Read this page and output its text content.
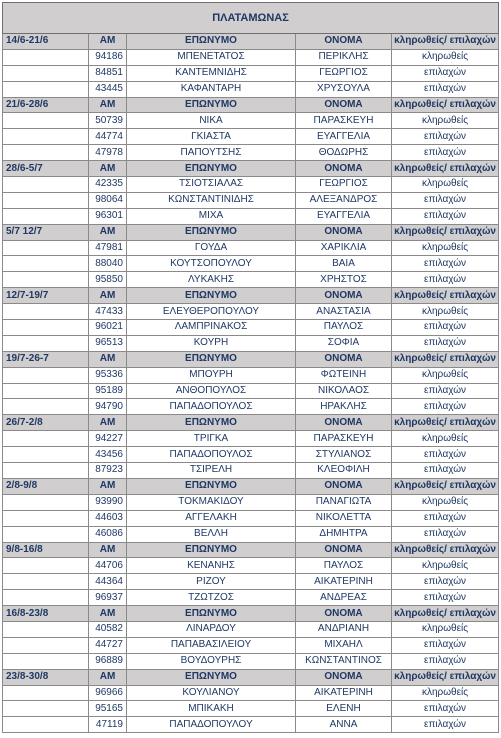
ΠΛΑΤΑΜΩΝΑΣ				
14/6-21/6	AM	ΕΠΩΝΥΜΟ	ΟΝΟΜΑ	κληρωθείς/ επιλαχών
	94186	ΜΠΕΝΕΤΑΤΟΣ	ΠΕΡΙΚΛΗΣ	κληρωθείς
	84851	ΚΑΝΤΕΜΝΙΔΗΣ	ΓΕΩΡΓΙΟΣ	επιλαχών
	43445	ΚΑΦΑΝΤΑΡΗ	ΧΡΥΣΟΥΛΑ	επιλαχών
21/6-28/6	AM	ΕΠΩΝΥΜΟ	ΟΝΟΜΑ	κληρωθείς/ επιλαχών
	50739	ΝΙΚΑ	ΠΑΡΑΣΚΕΥΗ	κληρωθείς
	44774	ΓΚΙΑΣΤΑ	ΕΥΑΓΓΕΛΙΑ	επιλαχών
	47978	ΠΑΠΟΥΤΣΗΣ	ΘΟΔΩΡΗΣ	επιλαχών
28/6-5/7	AM	ΕΠΩΝΥΜΟ	ΟΝΟΜΑ	κληρωθείς/ επιλαχών
	42335	ΤΣΙΟΤΣΙΑΛΑΣ	ΓΕΩΡΓΙΟΣ	κληρωθείς
	98064	ΚΩΝΣΤΑΝΤΙΝΙΔΗΣ	ΑΛΕΞΑΝΔΡΟΣ	επιλαχών
	96301	ΜΙΧΑ	ΕΥΑΓΓΕΛΙΑ	επιλαχών
5/7 12/7	AM	ΕΠΩΝΥΜΟ	ΟΝΟΜΑ	κληρωθείς/ επιλαχών
	47981	ΓΟΥΔΑ	ΧΑΡΙΚΛΙΑ	κληρωθείς
	88040	ΚΟΥΤΣΟΠΟΥΛΟΥ	ΒΑΙΑ	επιλαχών
	95850	ΛΥΚΑΚΗΣ	ΧΡΗΣΤΟΣ	επιλαχών
12/7-19/7	AM	ΕΠΩΝΥΜΟ	ΟΝΟΜΑ	κληρωθείς/ επιλαχών
	47433	ΕΛΕΥΘΕΡΟΠΟΥΛΟΥ	ΑΝΑΣΤΑΣΙΑ	κληρωθείς
	96021	ΛΑΜΠΡΙΝΑΚΟΣ	ΠΑΥΛΟΣ	επιλαχών
	96513	ΚΟΥΡΗ	ΣΟΦΙΑ	επιλαχών
19/7-26-7	AM	ΕΠΩΝΥΜΟ	ΟΝΟΜΑ	κληρωθείς/ επιλαχών
	95336	ΜΠΟΥΡΗ	ΦΩΤΕΙΝΗ	κληρωθείς
	95189	ΑΝΘΟΠΟΥΛΟΣ	ΝΙΚΟΛΑΟΣ	επιλαχών
	94790	ΠΑΠΑΔΟΠΟΥΛΟΣ	ΗΡΑΚΛΗΣ	επιλαχών
26/7-2/8	AM	ΕΠΩΝΥΜΟ	ΟΝΟΜΑ	κληρωθείς/ επιλαχών
	94227	ΤΡΙΓΚΑ	ΠΑΡΑΣΚΕΥΗ	κληρωθείς
	43456	ΠΑΠΑΔΟΠΟΥΛΟΣ	ΣΤΥΛΙΑΝΟΣ	επιλαχών
	87923	ΤΣΙΡΕΛΗ	ΚΛΕΟΦΙΛΗ	επιλαχών
2/8-9/8	AM	ΕΠΩΝΥΜΟ	ΟΝΟΜΑ	κληρωθείς/ επιλαχών
	93990	ΤΟΚΜΑΚΙΔΟΥ	ΠΑΝΑΓΙΩΤΑ	κληρωθείς
	44603	ΑΓΓΕΛΑΚΗ	ΝΙΚΟΛΕΤΤΑ	επιλαχών
	46086	ΒΕΛΛΗ	ΔΗΜΗΤΡΑ	επιλαχών
9/8-16/8	AM	ΕΠΩΝΥΜΟ	ΟΝΟΜΑ	κληρωθείς/ επιλαχών
	44706	ΚΕΝΑΝΗΣ	ΠΑΥΛΟΣ	κληρωθείς
	44364	ΡΙΖΟΥ	ΑΙΚΑΤΕΡΙΝΗ	επιλαχών
	96937	ΤΖΩΤΖΟΣ	ΑΝΔΡΕΑΣ	επιλαχών
16/8-23/8	AM	ΕΠΩΝΥΜΟ	ΟΝΟΜΑ	κληρωθείς/ επιλαχών
	40582	ΛΙΝΑΡΔΟΥ	ΑΝΔΡΙΑΝΗ	κληρωθείς
	44727	ΠΑΠΑΒΑΣΙΛΕΙΟΥ	ΜΙΧΑΗΛ	επιλαχών
	96889	ΒΟΥΔΟΥΡΗΣ	ΚΩΝΣΤΑΝΤΙΝΟΣ	επιλαχών
23/8-30/8	AM	ΕΠΩΝΥΜΟ	ΟΝΟΜΑ	κληρωθείς/ επιλαχών
	96966	ΚΟΥΛΙΑΝΟΥ	ΑΙΚΑΤΕΡΙΝΗ	κληρωθείς
	95165	ΜΠΙΚΑΚΗ	ΕΛΕΝΗ	επιλαχών
	47119	ΠΑΠΑΔΟΠΟΥΛΟΥ	ΑΝΝΑ	επιλαχών
